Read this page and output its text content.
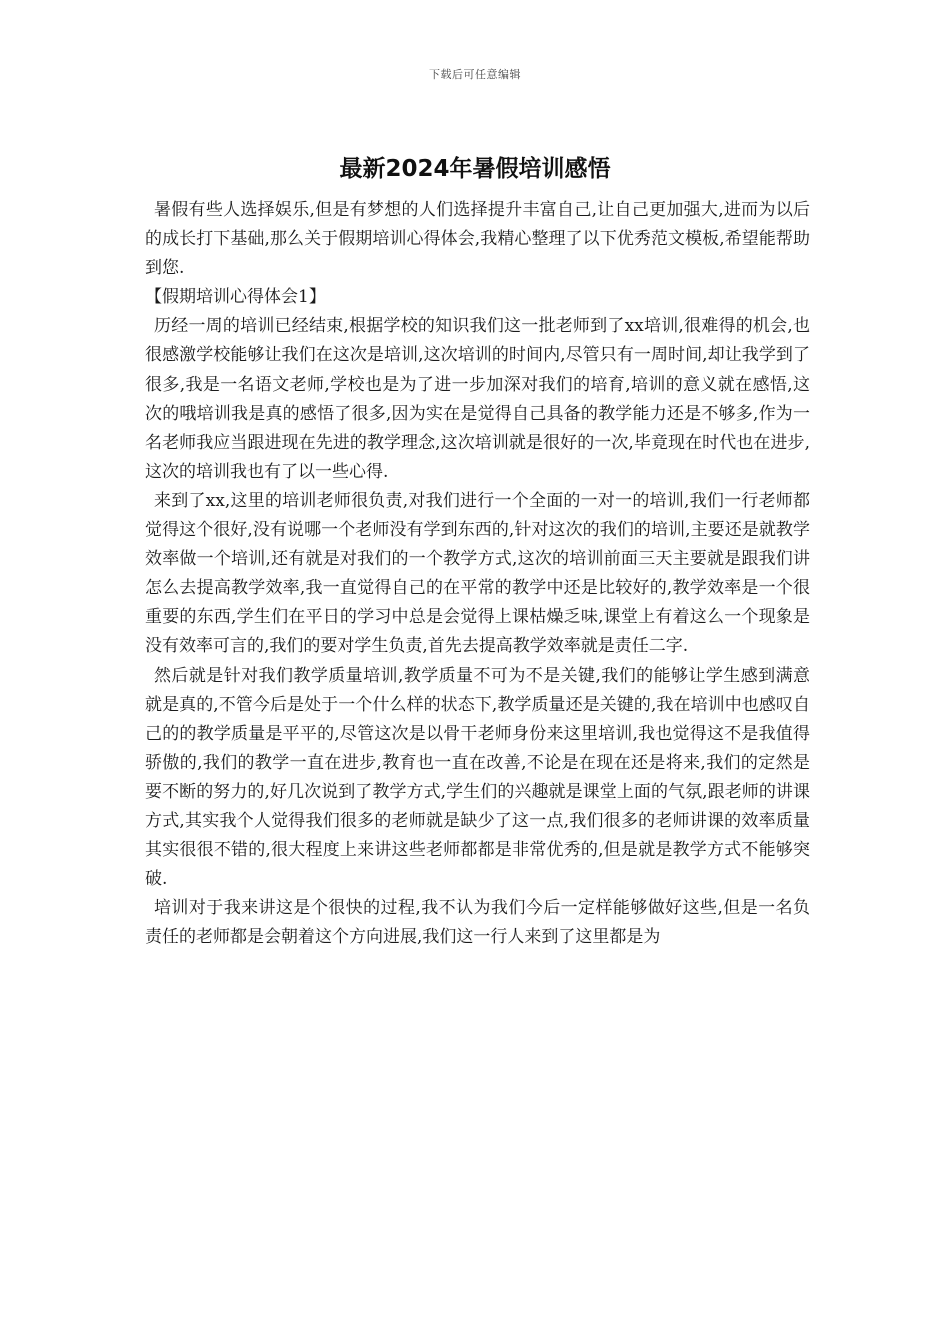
下载后可任意编辑
最新2024年暑假培训感悟

暑假有些人选择娱乐,但是有梦想的人们选择提升丰富自己,让自己更加强大,进而为以后的成长打下基础,那么关于假期培训心得体会,我精心整理了以下优秀范文模板,希望能帮助到您.

【假期培训心得体会1】

历经一周的培训已经结束,根据学校的知识我们这一批老师到了xx培训,很难得的机会,也很感激学校能够让我们在这次是培训,这次培训的时间内,尽管只有一周时间,却让我学到了很多,我是一名语文老师,学校也是为了进一步加深对我们的培育,培训的意义就在感悟,这次的哦培训我是真的感悟了很多,因为实在是觉得自己具备的教学能力还是不够多,作为一名老师我应当跟进现在先进的教学理念,这次培训就是很好的一次,毕竟现在时代也在进步,这次的培训我也有了以一些心得.

来到了xx,这里的培训老师很负责,对我们进行一个全面的一对一的培训,我们一行老师都觉得这个很好,没有说哪一个老师没有学到东西的,针对这次的我们的培训,主要还是就教学效率做一个培训,还有就是对我们的一个教学方式,这次的培训前面三天主要就是跟我们讲怎么去提高教学效率,我一直觉得自己的在平常的教学中还是比较好的,教学效率是一个很重要的东西,学生们在平日的学习中总是会觉得上课枯燥乏味,课堂上有着这么一个现象是没有效率可言的,我们的要对学生负责,首先去提高教学效率就是责任二字.

然后就是针对我们教学质量培训,教学质量不可为不是关键,我们的能够让学生感到满意就是真的,不管今后是处于一个什么样的状态下,教学质量还是关键的,我在培训中也感叹自己的的教学质量是平平的,尽管这次是以骨干老师身份来这里培训,我也觉得这不是我值得骄傲的,我们的教学一直在进步,教育也一直在改善,不论是在现在还是将来,我们的定然是要不断的努力的,好几次说到了教学方式,学生们的兴趣就是课堂上面的气氛,跟老师的讲课方式,其实我个人觉得我们很多的老师就是缺少了这一点,我们很多的老师讲课的效率质量其实很很不错的,很大程度上来讲这些老师都都是非常优秀的,但是就是教学方式不能够突破.

培训对于我来讲这是个很快的过程,我不认为我们今后一定样能够做好这些,但是一名负责任的老师都是会朝着这个方向进展,我们这一行人来到了这里都是为
